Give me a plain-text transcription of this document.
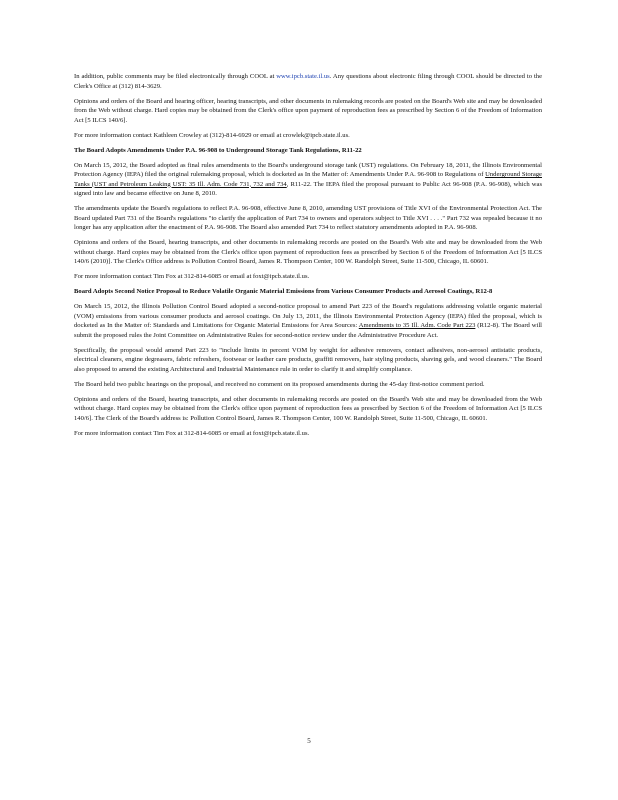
In addition, public comments may be filed electronically through COOL at www.ipcb.state.il.us. Any questions about electronic filing through COOL should be directed to the Clerk's Office at (312) 814-3629.

Opinions and orders of the Board and hearing officer, hearing transcripts, and other documents in rulemaking records are posted on the Board's Web site and may be downloaded from the Web without charge. Hard copies may be obtained from the Clerk's office upon payment of reproduction fees as prescribed by Section 6 of the Freedom of Information Act [5 ILCS 140/6].

For more information contact Kathleen Crowley at (312)-814-6929 or email at crowlek@ipcb.state.il.us.

The Board Adopts Amendments Under P.A. 96-908 to Underground Storage Tank Regulations, R11-22

On March 15, 2012, the Board adopted as final rules amendments to the Board's underground storage tank (UST) regulations. On February 18, 2011, the Illinois Environmental Protection Agency (IEPA) filed the original rulemaking proposal, which is docketed as In the Matter of: Amendments Under P.A. 96-908 to Regulations of Underground Storage Tanks (UST and Petroleum Leaking UST: 35 Ill. Adm. Code 731, 732 and 734, R11-22. The IEPA filed the proposal pursuant to Public Act 96-908 (P.A. 96-908), which was signed into law and became effective on June 8, 2010.

The amendments update the Board's regulations to reflect P.A. 96-908, effective June 8, 2010, amending UST provisions of Title XVI of the Environmental Protection Act. The Board updated Part 731 of the Board's regulations "to clarify the application of Part 734 to owners and operators subject to Title XVI . . . ." Part 732 was repealed because it no longer has any application after the enactment of P.A. 96-908. The Board also amended Part 734 to reflect statutory amendments adopted in P.A. 96-908.

Opinions and orders of the Board, hearing transcripts, and other documents in rulemaking records are posted on the Board's Web site and may be downloaded from the Web without charge. Hard copies may be obtained from the Clerk's office upon payment of reproduction fees as prescribed by Section 6 of the Freedom of Information Act [5 ILCS 140/6 (2010)]. The Clerk's Office address is Pollution Control Board, James R. Thompson Center, 100 W. Randolph Street, Suite 11-500, Chicago, IL 60601.

For more information contact Tim Fox at 312-814-6085 or email at foxt@ipcb.state.il.us.

Board Adopts Second Notice Proposal to Reduce Volatile Organic Material Emissions from Various Consumer Products and Aerosol Coatings, R12-8

On March 15, 2012, the Illinois Pollution Control Board adopted a second-notice proposal to amend Part 223 of the Board's regulations addressing volatile organic material (VOM) emissions from various consumer products and aerosol coatings. On July 13, 2011, the Illinois Environmental Protection Agency (IEPA) filed the proposal, which is docketed as In the Matter of: Standards and Limitations for Organic Material Emissions for Area Sources: Amendments to 35 Ill. Adm. Code Part 223 (R12-8). The Board will submit the proposed rules the Joint Committee on Administrative Rules for second-notice review under the Administrative Procedure Act.

Specifically, the proposal would amend Part 223 to "include limits in percent VOM by weight for adhesive removers, contact adhesives, non-aerosol antistatic products, electrical cleaners, engine degreasers, fabric refreshers, footwear or leather care products, graffiti removers, hair styling products, shaving gels, and wood cleaners." The Board also proposed to amend the existing Architectural and Industrial Maintenance rule in order to clarify it and simplify compliance.

The Board held two public hearings on the proposal, and received no comment on its proposed amendments during the 45-day first-notice comment period.

Opinions and orders of the Board, hearing transcripts, and other documents in rulemaking records are posted on the Board's Web site and may be downloaded from the Web without charge. Hard copies may be obtained from the Clerk's office upon payment of reproduction fees as prescribed by Section 6 of the Freedom of Information Act [5 ILCS 140/6]. The Clerk of the Board's address is: Pollution Control Board, James R. Thompson Center, 100 W. Randolph Street, Suite 11-500, Chicago, IL 60601.

For more information contact Tim Fox at 312-814-6085 or email at foxt@ipcb.state.il.us.

5
